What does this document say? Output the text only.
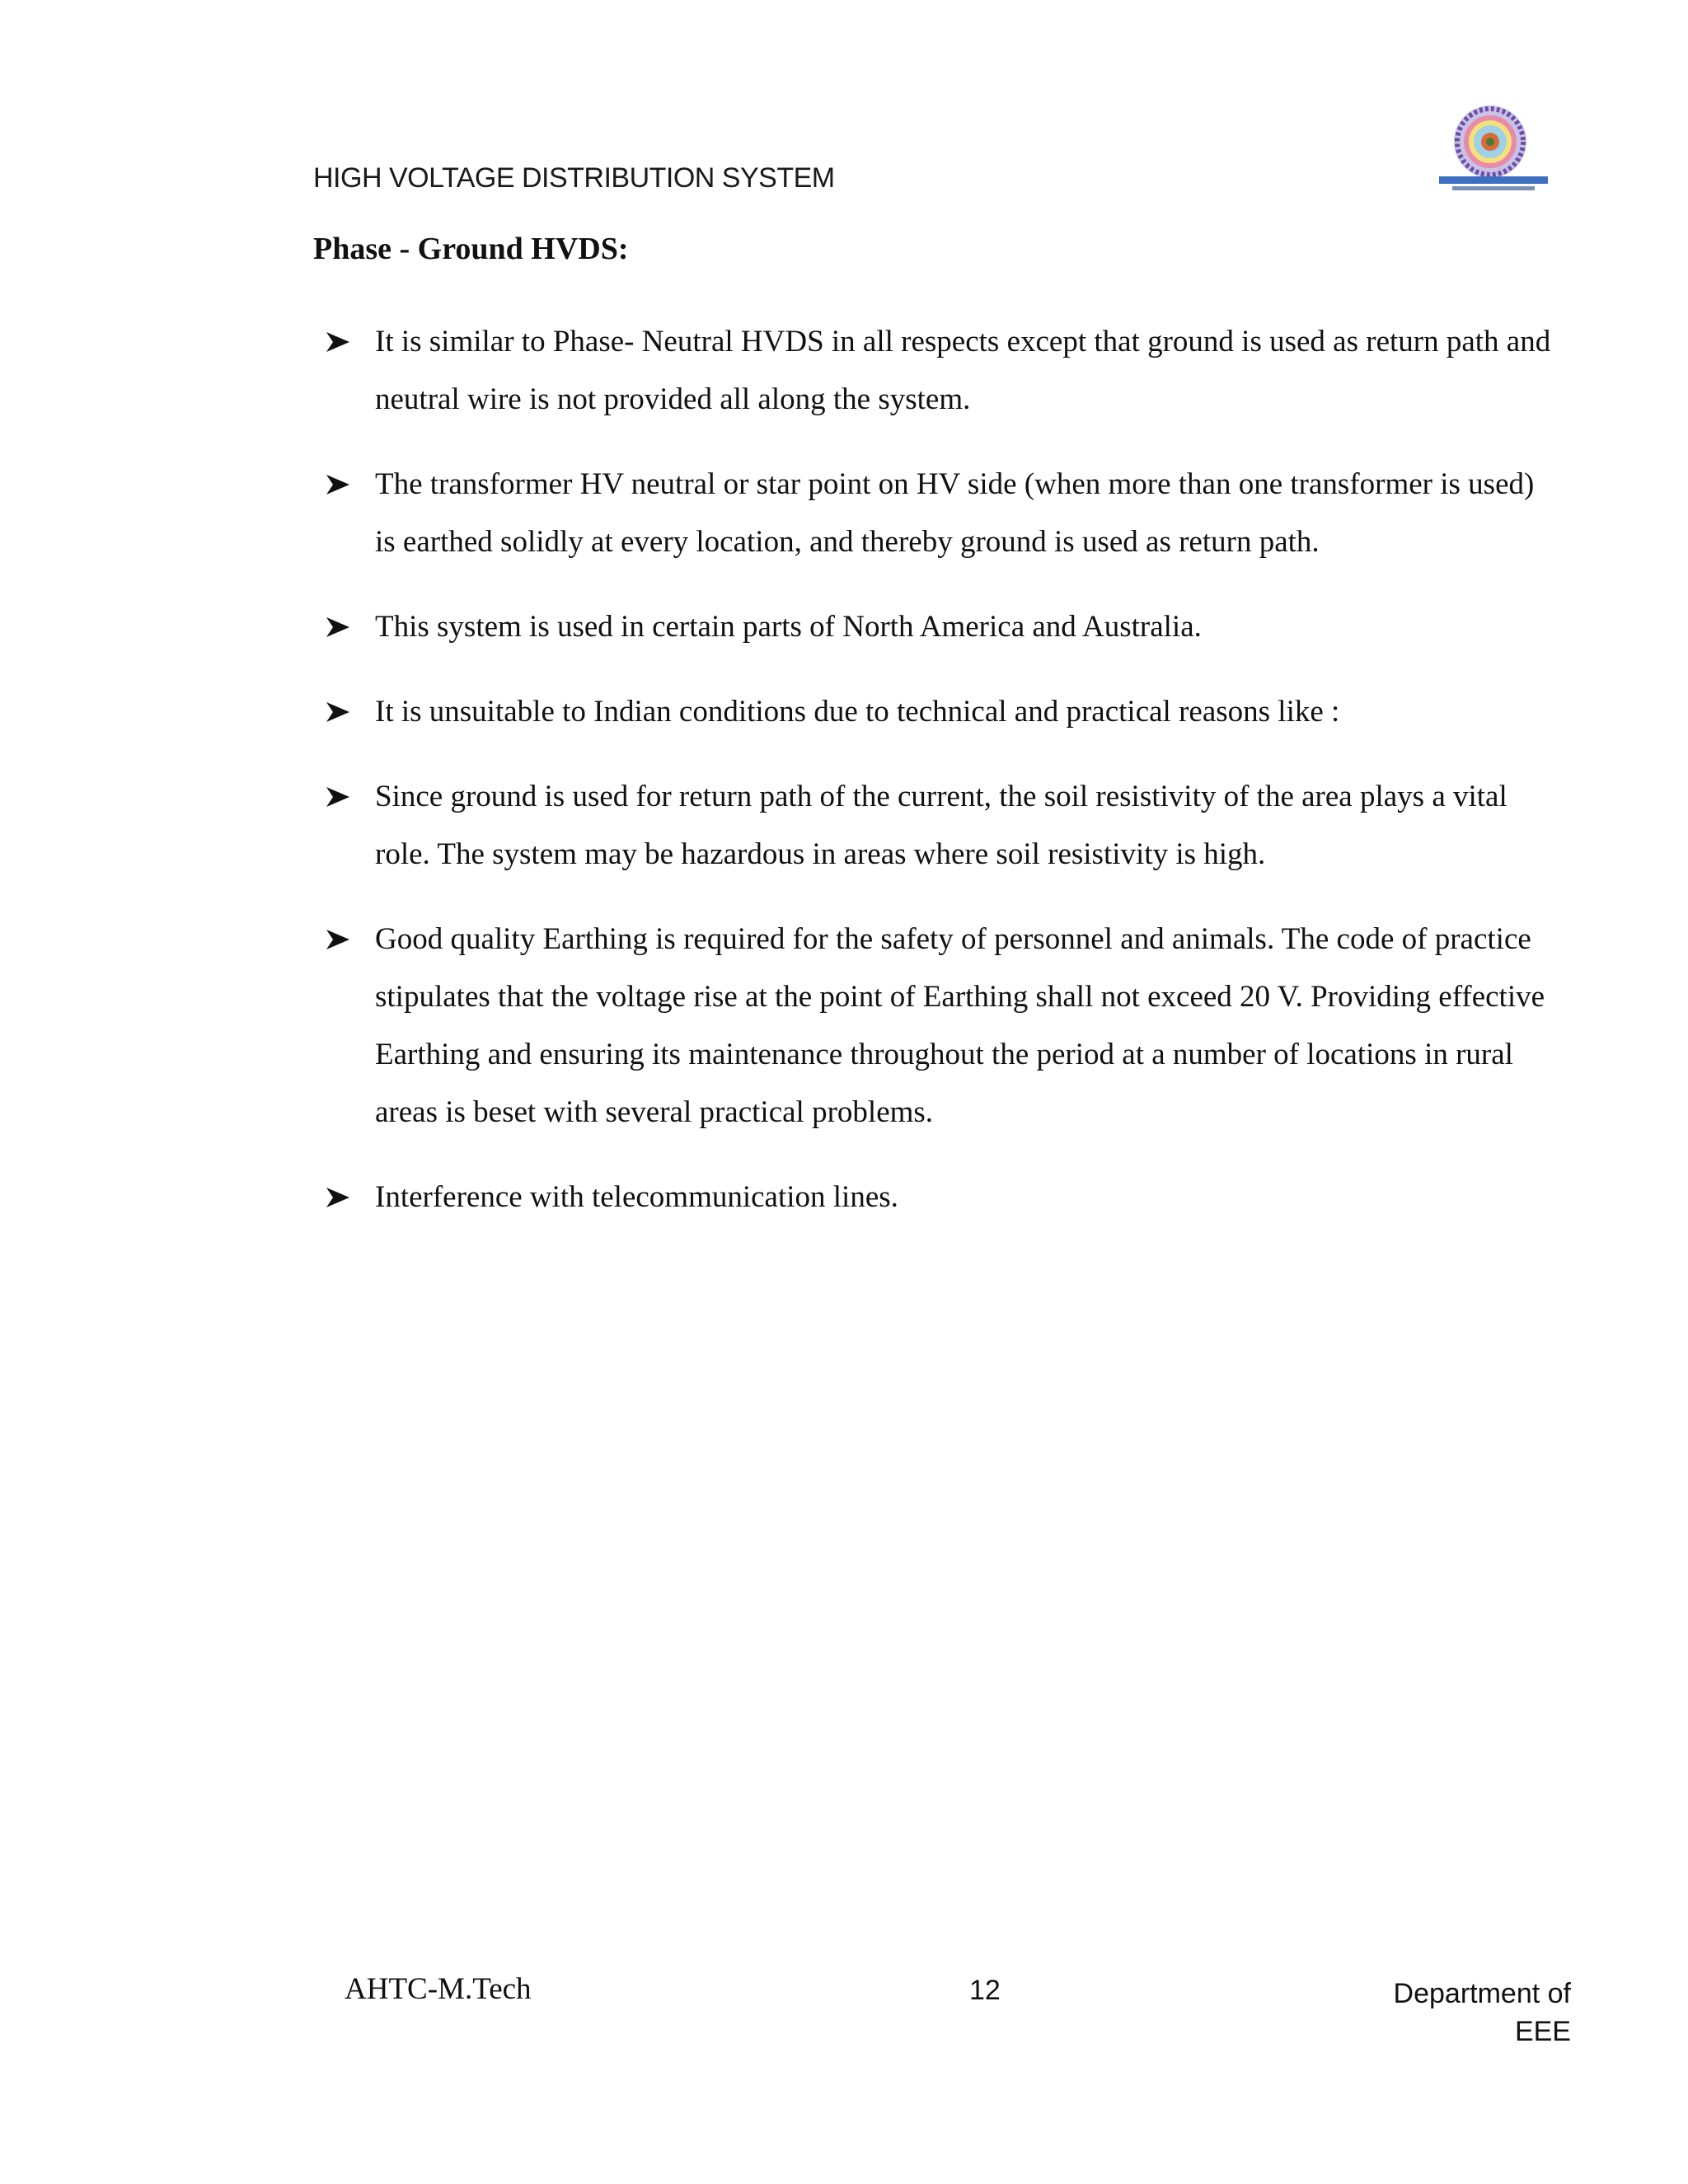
HIGH VOLTAGE DISTRIBUTION SYSTEM
Phase - Ground HVDS:
It is similar to Phase- Neutral HVDS in all respects except that ground is used as return path and neutral wire is not provided all along the system.
The transformer HV neutral or star point on HV side (when more than one transformer is used) is earthed solidly at every location, and thereby ground is used as return path.
This system is used in certain parts of North America and Australia.
It is unsuitable to Indian conditions due to technical and practical reasons like :
Since ground is used for return path of the current, the soil resistivity of the area plays a vital role. The system may be hazardous in areas where soil resistivity is high.
Good quality Earthing is required for the safety of personnel and animals. The code of practice stipulates that the voltage rise at the point of Earthing shall not exceed 20 V. Providing effective Earthing and ensuring its maintenance throughout the period at a number of locations in rural areas is beset with several practical problems.
Interference with telecommunication lines.
AHTC-M.Tech	12	Department of
EEE
